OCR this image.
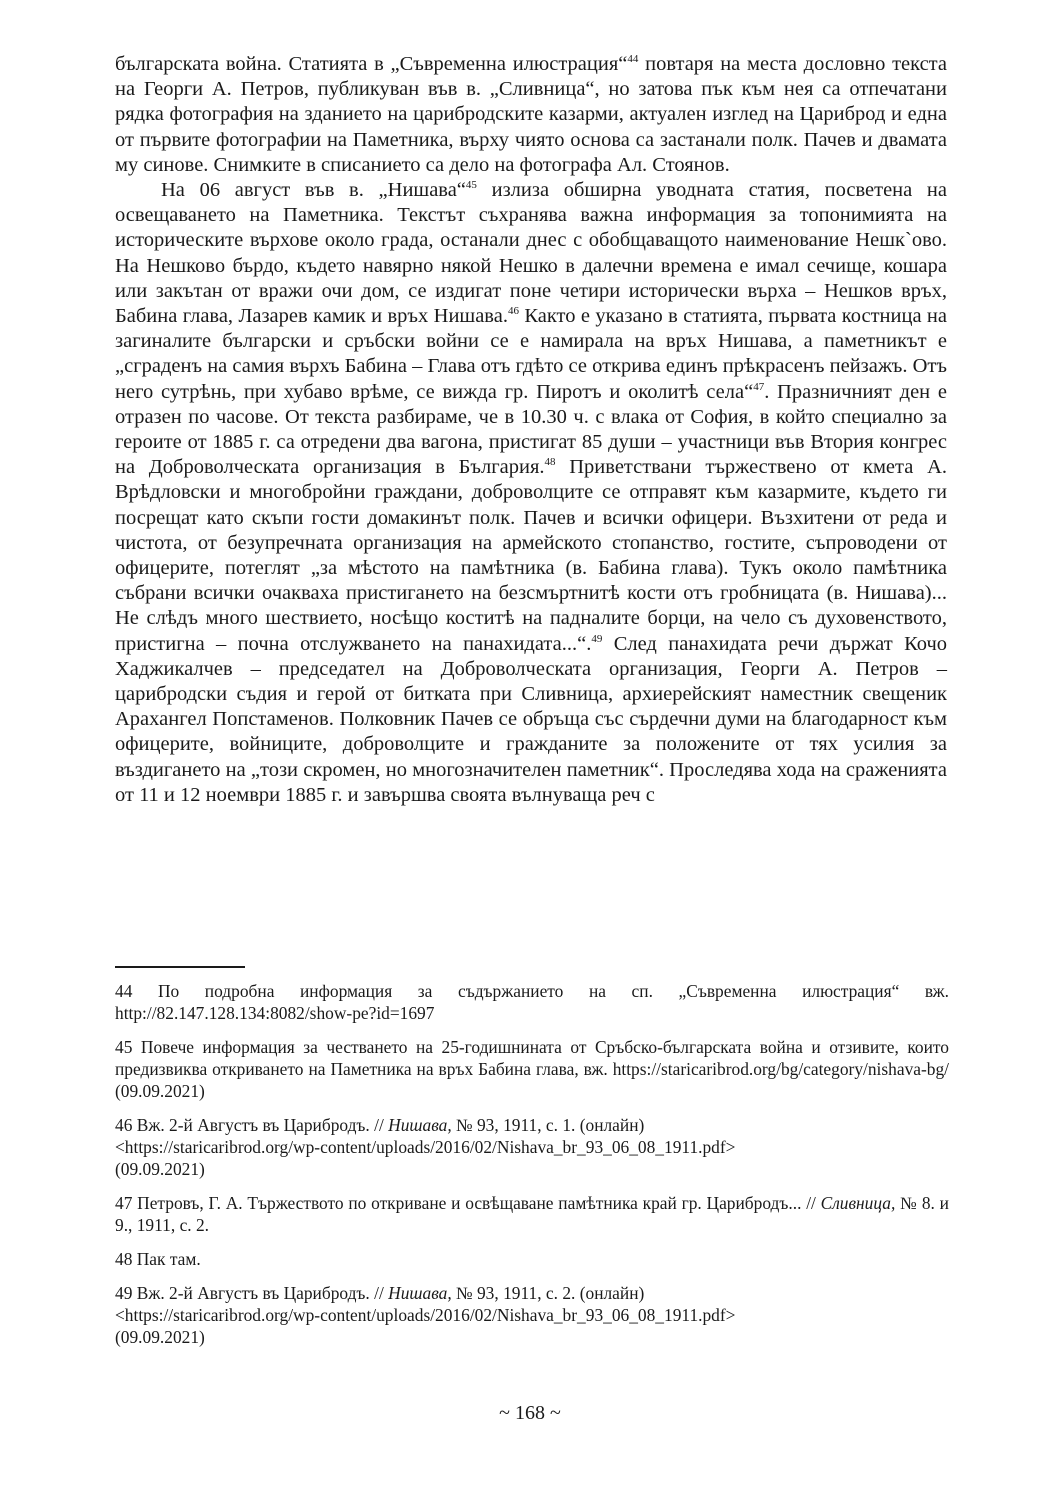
българската война. Статията в „Съвременна илюстрация“$^{44}$ повтаря на места дословно текста на Георги А. Петров, публикуван във в. „Сливница“, но затова пък към нея са отпечатани рядка фотография на зданието на царибродските казарми, актуален изглед на Цариброд и една от първите фотографии на Паметника, върху чиято основа са застанали полк. Пачев и двамата му синове. Снимките в списанието са дело на фотографа Ал. Стоянов.

На 06 август във в. „Нишава“$^{45}$ излиза обширна уводната статия, посветена на освещаването на Паметника. Текстът съхранява важна информация за топонимията на историческите върхове около града, останали днес с обобщаващото наименование Нешк`ово. На Нешково бърдо, където навярно някой Нешко в далечни времена е имал сечище, кошара или закътан от вражи очи дом, се издигат поне четири исторически върха – Нешков връх, Бабина глава, Лазарев камик и връх Нишава.$^{46}$ Както е указано в статията, първата костница на загиналите български и сръбски войни се е намирала на връх Нишава, а паметникът е „сграденъ на самия върхъ Бабина – Глава отъ гдѣто се открива единъ прѣкрасенъ пейзажъ. Отъ него сутрѣнь, при хубаво врѣме, се вижда гр. Пиротъ и околитѣ села“$^{47}$. Празничният ден е отразен по часове. От текста разбираме, че в 10.30 ч. с влака от София, в който специално за героите от 1885 г. са отредени два вагона, пристигат 85 души – участници във Втория конгрес на Доброволческата организация в България.$^{48}$ Приветствани тържествено от кмета А. Врѣдловски и многобройни граждани, доброволците се отправят към казармите, където ги посрещат като скъпи гости домакинът полк. Пачев и всички офицери. Възхитени от реда и чистота, от безупречната организация на армейското стопанство, гостите, съпроводени от офицерите, потеглят „за мѣстото на памѣтника (в. Бабина глава). Тукъ около памѣтника събрани всички очакваха пристигането на безсмъртнитѣ кости отъ гробницата (в. Нишава)... Не слѣдъ много шествието, носѣщо коститѣ на падналите борци, на чело съ духовенството, пристигна – почна отслужването на панахидата...“.$^{49}$ След панахидата речи държат Кочо Хаджикалчев – председател на Доброволческата организация, Георги А. Петров – царибродски съдия и герой от битката при Сливница, архиерейският наместник свещеник Арахангел Попстаменов. Полковник Пачев се обръща със сърдечни думи на благодарност към офицерите, войниците, доброволците и гражданите за положените от тях усилия за въздигането на „този скромен, но многозначителен паметник“. Проследява хода на сраженията от 11 и 12 ноември 1885 г. и завършва своята вълнуваща реч с

44 По подробна информация за съдържанието на сп. „Съвременна илюстрация“ вж. http://82.147.128.134:8082/show-pe?id=1697

45 Повече информация за честването на 25-годишнината от Сръбско-българската война и отзивите, които предизвиква откриването на Паметника на връх Бабина глава, вж. https://staricaribrod.org/bg/category/nishava-bg/ (09.09.2021)

46 Вж. 2-й Августъ въ Царибродъ. // Нишава, № 93, 1911, с. 1. (онлайн)
<https://staricaribrod.org/wp-content/uploads/2016/02/Nishava_br_93_06_08_1911.pdf>
(09.09.2021)

47 Петровъ, Г. А. Тържеството по откриване и освѣщаване памѣтника край гр. Царибродъ... // Сливница, № 8. и 9., 1911, с. 2.

48 Пак там.

49 Вж. 2-й Августъ въ Царибродъ. // Нишава, № 93, 1911, с. 2. (онлайн)
<https://staricaribrod.org/wp-content/uploads/2016/02/Nishava_br_93_06_08_1911.pdf>
(09.09.2021)

~ 168 ~
